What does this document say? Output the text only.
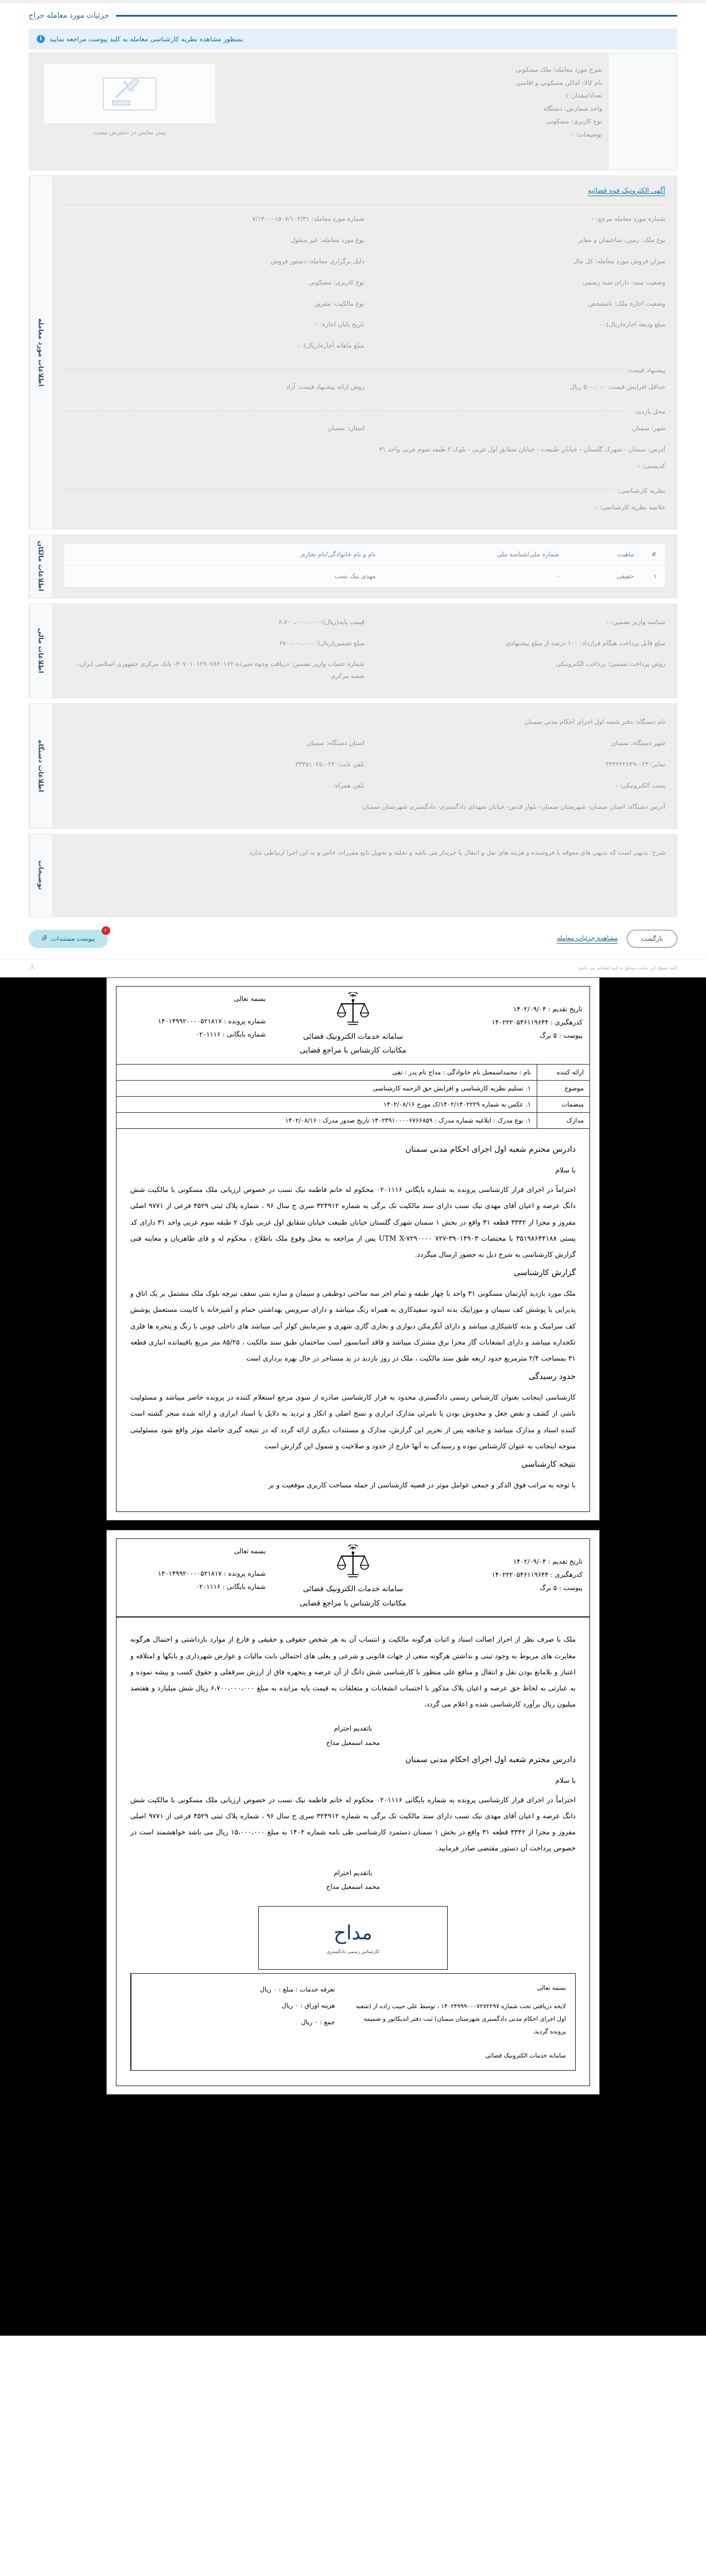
جزئیات مورد معامله حراج
i	بمنظور مشاهده نظریه کارشناسی معامله به کلید پیوست مراجعه نمایید
پیش نمایش در دسترس نیست
شرح مورد معامله: ملک مسکونی
نام کالا: اماکن مسکونی و اقامتی
تعداد/مقدار: ۱
واحد شمارش: دستگاه
نوع کاربری: مسکونی
توضیحات: -
اطلاعات مورد معامله
آگهی الکترونیک قوه قضائیه
شماره مورد معامله: ۷/۱۴۰۰۰۱۵۰۷/۱۰۳/۳۱	شماره مورد معامله مرجع: -
نوع مورد معامله: غیر منقول	نوع ملک: زمین، ساختمان و معابر
دلیل برگزاری معامله: دستور فروش	میزان فروش مورد معامله: کل مال
نوع کاربری: مسکونی	وضعیت سند: دارای سند رسمی
نوع مالکیت: مفروز	وضعیت اجاره ملک: نامشخص
تاریخ پایان اجاره: -	مبلغ ودیعه اجاره(ریال): -
مبلغ ماهانه اجاره(ریال): -
پیشنهاد قیمت:
روش ارائه پیشنهاد قیمت: آزاد	حداقل افزایش قیمت: ۵۰۰،۰۰۰ ریال
محل بازدید:
استان: سمنان	شهر: سمنان
آدرس: سمنان - شهرک گلستان - خیابان طبیعت - خیابان شقایق اول غربی - بلوک ۲ طبقه سوم غربی واحد ۳۱
کدپستی: -
نظریه کارشناسی:
خلاصه نظریه کارشناسی: -
اطلاعات مالکان	#	ماهیت	شماره ملی/شناسه ملی	نام و نام خانوادگی/نام تجاری
۱	حقیقی	-	مهدی نیک نسب
اطلاعات مالی
قیمت پایه(ریال): ۶،۷۰۰،۰۰۰،۰۰۰	شناسه واریز تضمین: -
مبلغ تضمین(ریال): ۶۷۰،۰۰۰،۰۰۰	مبلغ قابل پرداخت هنگام قرارداد: ۱۰۰ درصد از مبلغ پیشنهادی
شماره حساب واریز تضمین: دریافت وجوه سپرده-۴۰۷۰۱۰۱۲۹۰۷۸۲۰۱۶۲- بانک مرکزی جمهوری اسلامی ایران- شعبه مرکزی
روش پرداخت تضمین: پرداخت الکترونیکی
اطلاعات دستگاه
نام دستگاه: دفتر شعبه اول اجرای احکام مدنی سمنان
استان دستگاه: سمنان	شهر دستگاه: سمنان
تلفن ثابت: ۰۲۳-۳۳۳۵۱۰۲۵	نمابر: ۰۲۳-۳۳۳۴۴۲۶۴۹
تلفن همراه: -	پست الکترونیکی: -
آدرس دستگاه: استان سمنان- شهرستان سمنان- بلوار قدس- خیابان شهدای دادگستری- دادگستری شهرستان سمنان
توضیحات
شرح: بدیهی است که بدیهی های معوقه با فروشنده و هزینه های نقل و انتقال با خریدار می باشد و تخلیه و تحویل تابع مقررات خاص و به این اجرا ارتباطی ندارد.
۲
پیوست مستندات	مشاهده جزئیات معامله	بازگشت
کلیه حقوق این سایت متعلق به قوه قضائیه می باشد.
بسمه تعالی
شماره پرونده : ۱۴۰۱۴۹۹۲۰۰۰۰۵۲۱۸۱۷
شماره بایگانی : ۰۲۰۱۱۱۶	سامانه خدمات الکترونیک قضائی
مکاتبات کارشناس با مراجع قضایی
تاریخ تقدیم : ۱۴۰۲/۰۹/۰۴
کدرهگیری : ۱۴۰۲۲۲۰۵۴۶۱۱۹۶۴۴
پیوست : ۵ برگ
ارائه کننده	نام : محمداسمعیل نام خانوادگی : مداح نام پدر : تقی
موضوع	۱. تسلیم نظریه کارشناسی و افزایش حق الزحمه کارشناسی
منضمات	۱. عکس به شماره ۱۴۰۲/۱۴۰۲۲۲۹/ک مورخ ۱۴۰۲/۰۸/۱۶
مدارک	۱. نوع مدرک : ابلاغیه شماره مدرک : ۱۴۰۲۴۹۱۰۰۰۰۶۷۶۶۸۵۹ تاریخ صدور مدرک : ۱۴۰۲/۰۸/۱۶
دادرس محترم شعبه اول اجرای احکام مدنی سمنان

با سلام

احتراماً در اجرای قرار کارشناسی پرونده به شماره بایگانی ۰۲۰۱۱۱۶ محکوم له خانم فاطمه نیک نسب در خصوص ارزیابی ملک مسکونی با مالکیت شش دانگ عرصه و اعیان آقای مهدی نیک نسب دارای سند مالکیت تک برگی به شماره ۳۲۴۹۱۲ سری ج سال ۹۶ ، شماره پلاک ثبتی ۴۵۲۹ فرعی از ۹۷۷۱ اصلی مفروز و مجزا از ۳۳۴۲ قطعه ۳۱ واقع در بخش ۱ سمنان شهرک گلستان خیابان طبیعت خیابان شقایق اول غربی بلوک ۲ طبقه سوم غربی واحد ۳۱ دارای کد پستی ۳۵۱۹۸۶۴۴۱۸۸ با مختصات UTM X-۷۲۹۰۰۰۰ ۷۲۷-۳۹۰۱۴۹۰۳ پس از مراجعه به محل وقوع ملک باطلاع ، محکوم له و قای طاهریان و معاینه فنی گزارش کارشناسی به شرح ذیل به حضور ارسال میگردد.

گزارش کارشناسی

ملک مورد بازدید آپارتمان مسکونی ۳۱ واحد با چهار طبقه و تمام اجر سه ساختی دوطبقی و سیمان و سازه بتنی سقف تیرچه بلوک ملک مشتمل بر یک اتاق و پذیرایی با پوشش کف سیمان و موزاییک بدنه اندود سفیدکاری به همراه رنگ میباشد و دارای سرویس بهداشتی حمام و آشپزخانه با کابینت مستعمل پوشش کف سرامیک و بدنه کاشیکاری میباشد و دارای آبگرمکن دیواری و بخاری گازی شهری و سرمایش کولر آبی میباشد های داخلی چوبی با رنگ و پنجره ها فلزی تکجداره میباشد و دارای انشعابات گاز مجزا برق مشترک میباشد و فاقد آسانسور است ساختمان طبق سند مالکیت ، ۸۵/۲۵ متر مربع باقیمانده انباری قطعه ۳۱ بمساحت ۲/۴ مترمربع حدود اربعه طبق سند مالکیت ، ملک در روز بازدید در ید مستاجر در حال بهره برداری است

حدود رسیدگی

کارشناسی اینجانب بعنوان کارشناس رسمی دادگستری محدود به قرار کارشناسی صادره از سوی مرجع استعلام کننده در پرونده حاضر میباشد و مسئولیت ناشی از کشف و نقض جعل و مخدوش بودن یا نامرئی مدارک ابرازی و نسخ اصلی و انکار و تردید به دلایل یا اسناد ابرازی و ارائه شده منجر گشته است کننده اسناد و مدارک میباشد و چنانچه پس از تحریر این گزارش، مدارک و مستندات دیگری ارائه گردد که در نتیجه گیری حاصله موثر واقع شود مسئولیتی متوجه اینجانب به عنوان کارشناس نبوده و رسیدگی به آنها خارج از حدود و صلاحیت و شمول این گزارش است

نتیجه کارشناسی

با توجه به مراتب فوق الذکر و جمعی عوامل موثر در قضیه کارشناسی از جمله مساحت کاربری موقعیت و بر

بسمه تعالی
شماره پرونده : ۱۴۰۱۴۹۹۲۰۰۰۰۵۲۱۸۱۷
شماره بایگانی : ۰۲۰۱۱۱۶	سامانه خدمات الکترونیک قضائی
مکاتبات کارشناس با مراجع قضایی
تاریخ تقدیم : ۱۴۰۲/۰۹/۰۴
کدرهگیری : ۱۴۰۲۲۲۰۵۴۶۱۱۹۶۴۴
پیوست : ۵ برگ

ملک با صرف نظر از احراز اصالت اسناد و اثبات هرگونه مالکیت و انتساب آن به هر شخص حقوقی و حقیقی و فارغ از موارد بازداشتی و احتمال هرگونه مغایرت های مربوط به وجود تینی و نداشتن هرگونه منعی از جهات قانونی و شرعی و بعلی های احتمالی بابت مالیات و عوارض شهرداری و بانکها و امتلافه و اعتبار و بلامانع بودن نقل و انتقال و منافع علی منظور با کارشناسی شش دانگ از آن عرصه و پنجهره فاق از ارزش سرقفلی و حقوق کسب و پیشه نموده و به عبارتی به لحاظ حق عرصه و اعیان پلاک مذکور با اختساب انشعابات و متعلقات به قیمت پایه مزایده به مبلغ ۶،۷۰۰،۰۰۰،۰۰۰ ریال شش میلیارد و هفتصد میلیون ریال برآورد کارشناسی شده و اعلام می گردد.

باتقدیم احترام
محمد اسمعیل مداح
دادرس محترم شعبه اول اجرای احکام مدنی سمنان

با سلام

احتراماً در اجرای قرار کارشناسی پرونده به شماره بایگانی ۰۲۰۱۱۱۶ محکوم له خانم فاطمه نیک نسب در خصوص ارزیابی ملک مسکونی با مالکیت شش دانگ عرصه و اعیان آقای مهدی نیک نسب دارای سند مالکیت تک برگی به شماره ۳۲۴۹۱۲ سری ج سال ۹۶ ، شماره پلاک ثبتی ۴۵۲۹ فرعی از ۹۷۷۱ اصلی مفروز و مجزا از ۳۳۴۲ قطعه ۳۱ واقع در بخش ۱ سمنان دستمزد کارشناسی طی نامه شماره ۱۴۰۲ به مبلغ ۱۵،۰۰۰،۰۰۰ ریال می باشد خواهشمند است در خصوص پرداخت آن دستور مقتضی صادر فرمایید.

باتقدیم احترام
محمد اسمعیل مداح
مداح
کارشناس رسمی دادگستری
تعرفه خدمات : مبلغ : ۰ ریال
هزینه اوراق : ۰ ریال
جمع : ۰ ریال
بسمه تعالی
لایحه دریافتی تحت شماره ۱۴۰۲۴۹۹۹۰۰۰۷۲۷۲۲۹۷ ، توسط علی حبیب زاده از (شعبه اول اجرای احکام مدنی دادگستری شهرستان سمنان) ثبت دفتر اندیکاتور و ضمیمه پرونده گردید.
سامانه خدمات الکترونیک قضائی
